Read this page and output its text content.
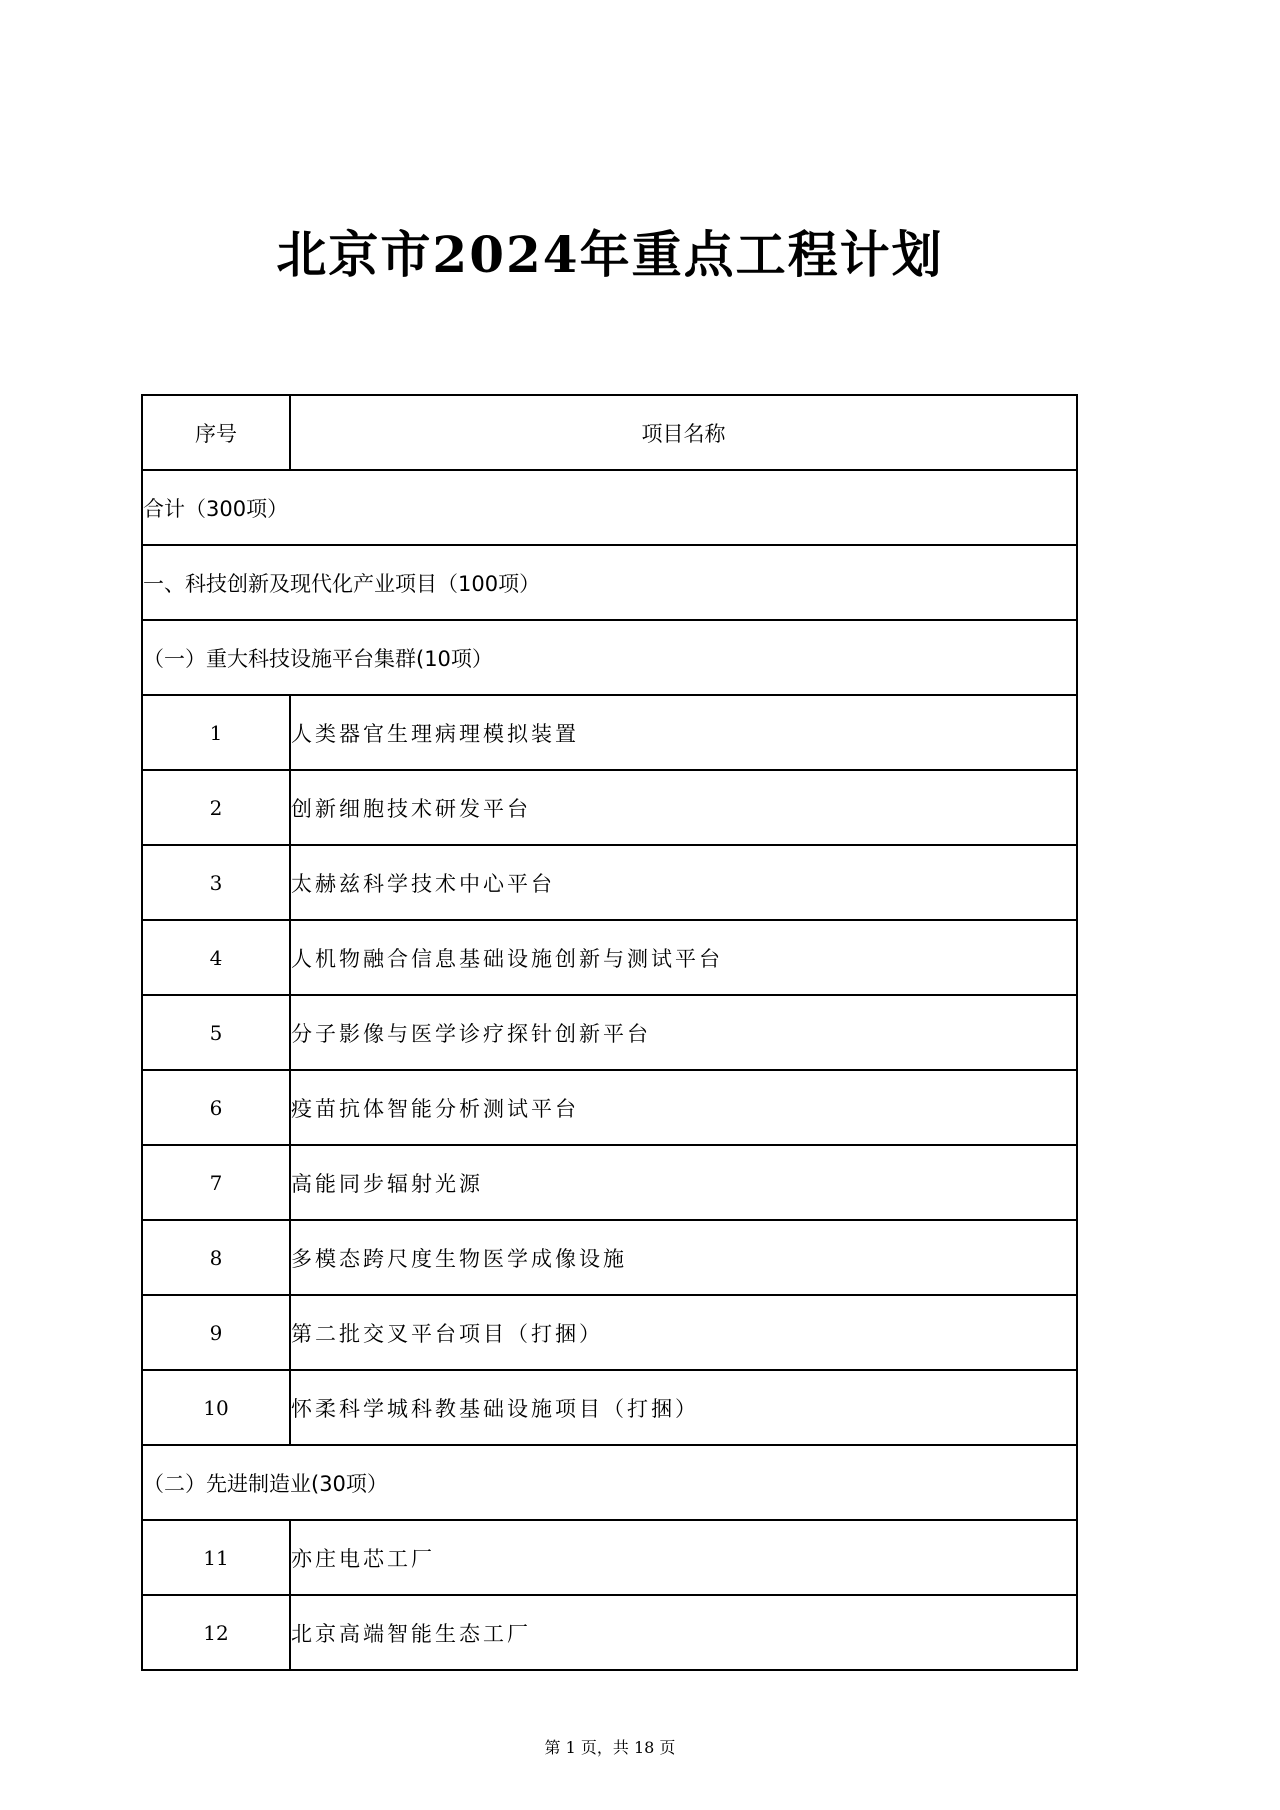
北京市2024年重点工程计划
序号	项目名称
合计（300项）	
一、科技创新及现代化产业项目（100项）	
（一）重大科技设施平台集群(10项）	
1	人类器官生理病理模拟装置
2	创新细胞技术研发平台
3	太赫兹科学技术中心平台
4	人机物融合信息基础设施创新与测试平台
5	分子影像与医学诊疗探针创新平台
6	疫苗抗体智能分析测试平台
7	高能同步辐射光源
8	多模态跨尺度生物医学成像设施
9	第二批交叉平台项目（打捆）
10	怀柔科学城科教基础设施项目（打捆）
（二）先进制造业(30项）	
11	亦庄电芯工厂
12	北京高端智能生态工厂
第 1 页，共 18 页
